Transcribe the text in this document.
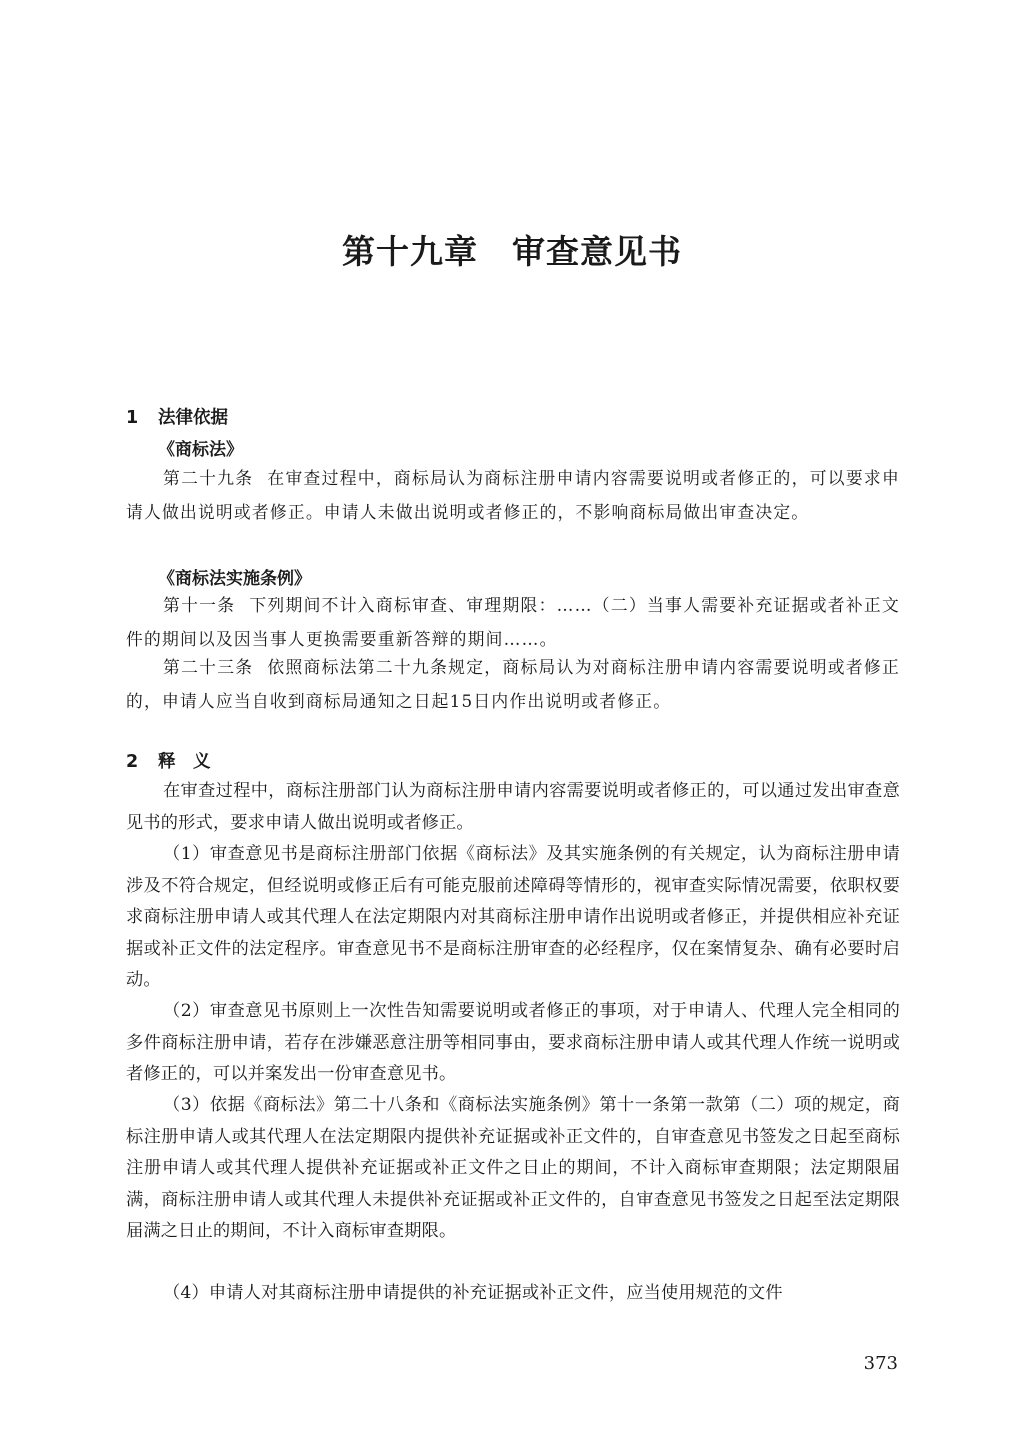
第十九章　审查意见书
1 法律依据
《商标法》

第二十九条 在审查过程中，商标局认为商标注册申请内容需要说明或者修正的，可以要求申请人做出说明或者修正。申请人未做出说明或者修正的，不影响商标局做出审查决定。

《商标法实施条例》

第十一条 下列期间不计入商标审查、审理期限：……（二）当事人需要补充证据或者补正文件的期间以及因当事人更换需要重新答辩的期间……。

第二十三条 依照商标法第二十九条规定，商标局认为对商标注册申请内容需要说明或者修正的，申请人应当自收到商标局通知之日起15日内作出说明或者修正。

2 释　义

在审查过程中，商标注册部门认为商标注册申请内容需要说明或者修正的，可以通过发出审查意见书的形式，要求申请人做出说明或者修正。

（1）审查意见书是商标注册部门依据《商标法》及其实施条例的有关规定，认为商标注册申请涉及不符合规定，但经说明或修正后有可能克服前述障碍等情形的，视审查实际情况需要，依职权要求商标注册申请人或其代理人在法定期限内对其商标注册申请作出说明或者修正，并提供相应补充证据或补正文件的法定程序。审查意见书不是商标注册审查的必经程序，仅在案情复杂、确有必要时启动。

（2）审查意见书原则上一次性告知需要说明或者修正的事项，对于申请人、代理人完全相同的多件商标注册申请，若存在涉嫌恶意注册等相同事由，要求商标注册申请人或其代理人作统一说明或者修正的，可以并案发出一份审查意见书。

（3）依据《商标法》第二十八条和《商标法实施条例》第十一条第一款第（二）项的规定，商标注册申请人或其代理人在法定期限内提供补充证据或补正文件的，自审查意见书签发之日起至商标注册申请人或其代理人提供补充证据或补正文件之日止的期间，不计入商标审查期限；法定期限届满，商标注册申请人或其代理人未提供补充证据或补正文件的，自审查意见书签发之日起至法定期限届满之日止的期间，不计入商标审查期限。

（4）申请人对其商标注册申请提供的补充证据或补正文件，应当使用规范的文件

373
